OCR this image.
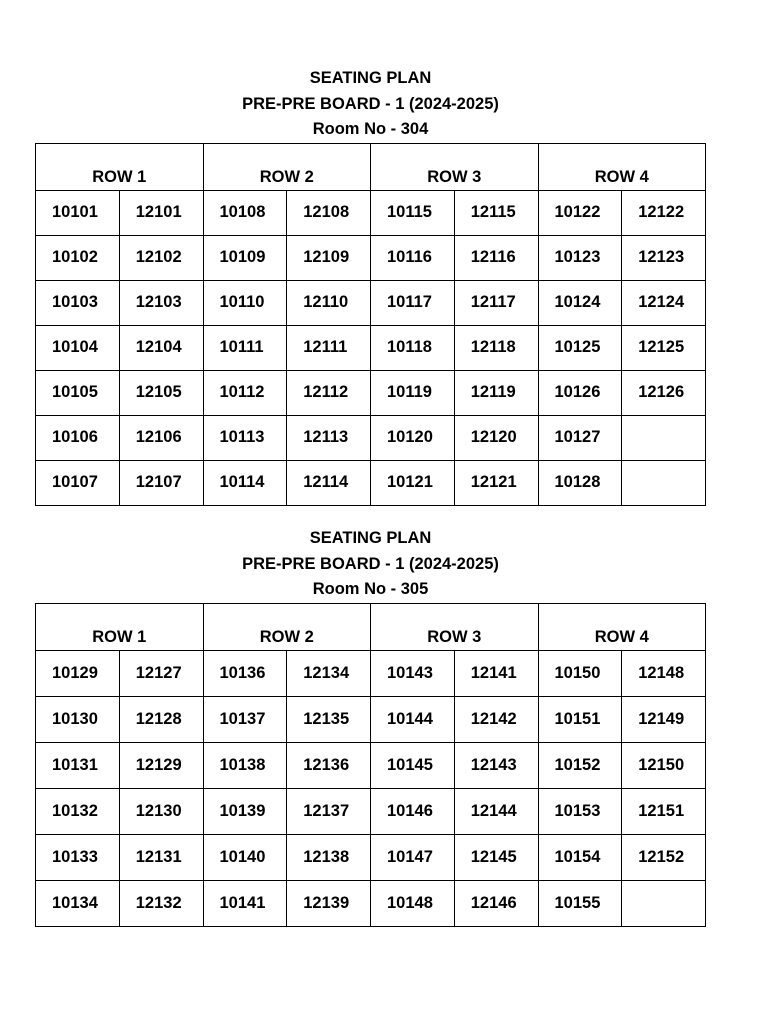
SEATING PLAN
PRE-PRE BOARD - 1 (2024-2025)
Room No - 304
ROW 1		ROW 2		ROW 3		ROW 4	
10101	12101	10108	12108	10115	12115	10122	12122
10102	12102	10109	12109	10116	12116	10123	12123
10103	12103	10110	12110	10117	12117	10124	12124
10104	12104	10111	12111	10118	12118	10125	12125
10105	12105	10112	12112	10119	12119	10126	12126
10106	12106	10113	12113	10120	12120	10127	
10107	12107	10114	12114	10121	12121	10128	
SEATING PLAN
PRE-PRE BOARD - 1 (2024-2025)
Room No - 305
ROW 1		ROW 2		ROW 3		ROW 4	
10129	12127	10136	12134	10143	12141	10150	12148
10130	12128	10137	12135	10144	12142	10151	12149
10131	12129	10138	12136	10145	12143	10152	12150
10132	12130	10139	12137	10146	12144	10153	12151
10133	12131	10140	12138	10147	12145	10154	12152
10134	12132	10141	12139	10148	12146	10155	
